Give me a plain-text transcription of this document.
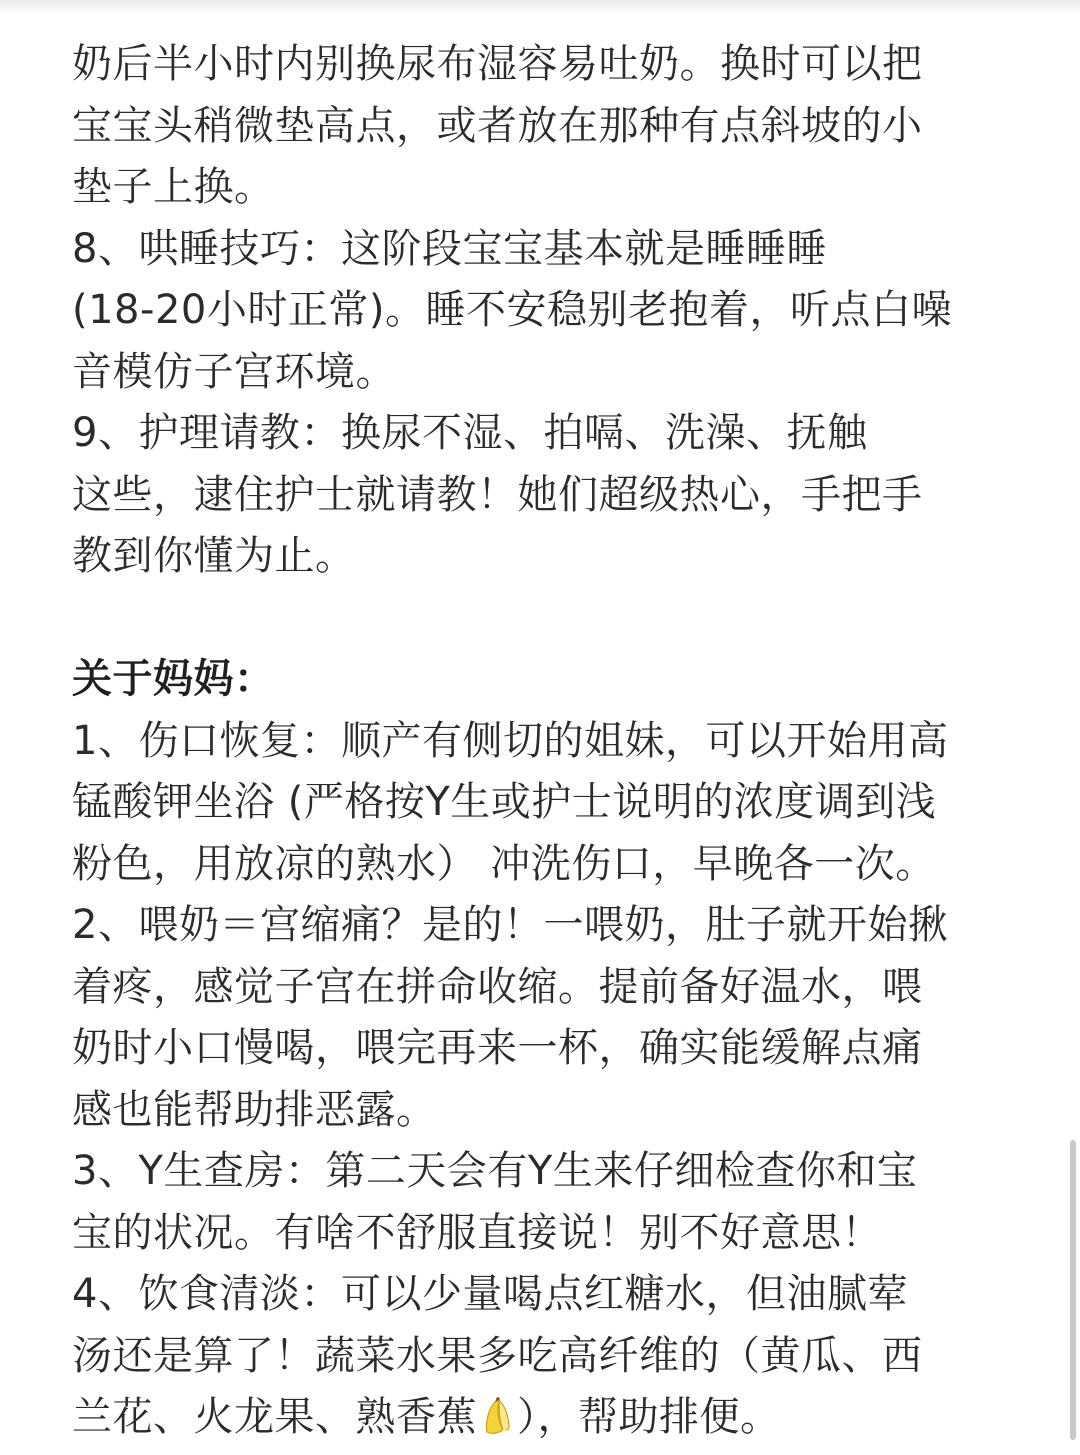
奶后半小时内别换尿布湿容易吐奶。换时可以把
宝宝头稍微垫高点，或者放在那种有点斜坡的小
垫子上换。
8、哄睡技巧：这阶段宝宝基本就是睡睡睡
(18-20小时正常)。睡不安稳别老抱着，听点白噪
音模仿子宫环境。
9、护理请教：换尿不湿、拍嗝、洗澡、抚触
这些，逮住护士就请教！她们超级热心，手把手
教到你懂为止。
关于妈妈：
1、伤口恢复：顺产有侧切的姐妹，可以开始用高
锰酸钾坐浴 (严格按Y生或护士说明的浓度调到浅
粉色，用放凉的熟水） 冲洗伤口，早晚各一次。
2、喂奶＝宫缩痛？是的！一喂奶，肚子就开始揪
着疼，感觉子宫在拼命收缩。提前备好温水，喂
奶时小口慢喝，喂完再来一杯，确实能缓解点痛
感也能帮助排恶露。
3、Y生查房：第二天会有Y生来仔细检查你和宝
宝的状况。有啥不舒服直接说！别不好意思！
4、饮食清淡：可以少量喝点红糖水，但油腻荤
汤还是算了！蔬菜水果多吃高纤维的（黄瓜、西
兰花、火龙果、熟香蕉 ），帮助排便。
